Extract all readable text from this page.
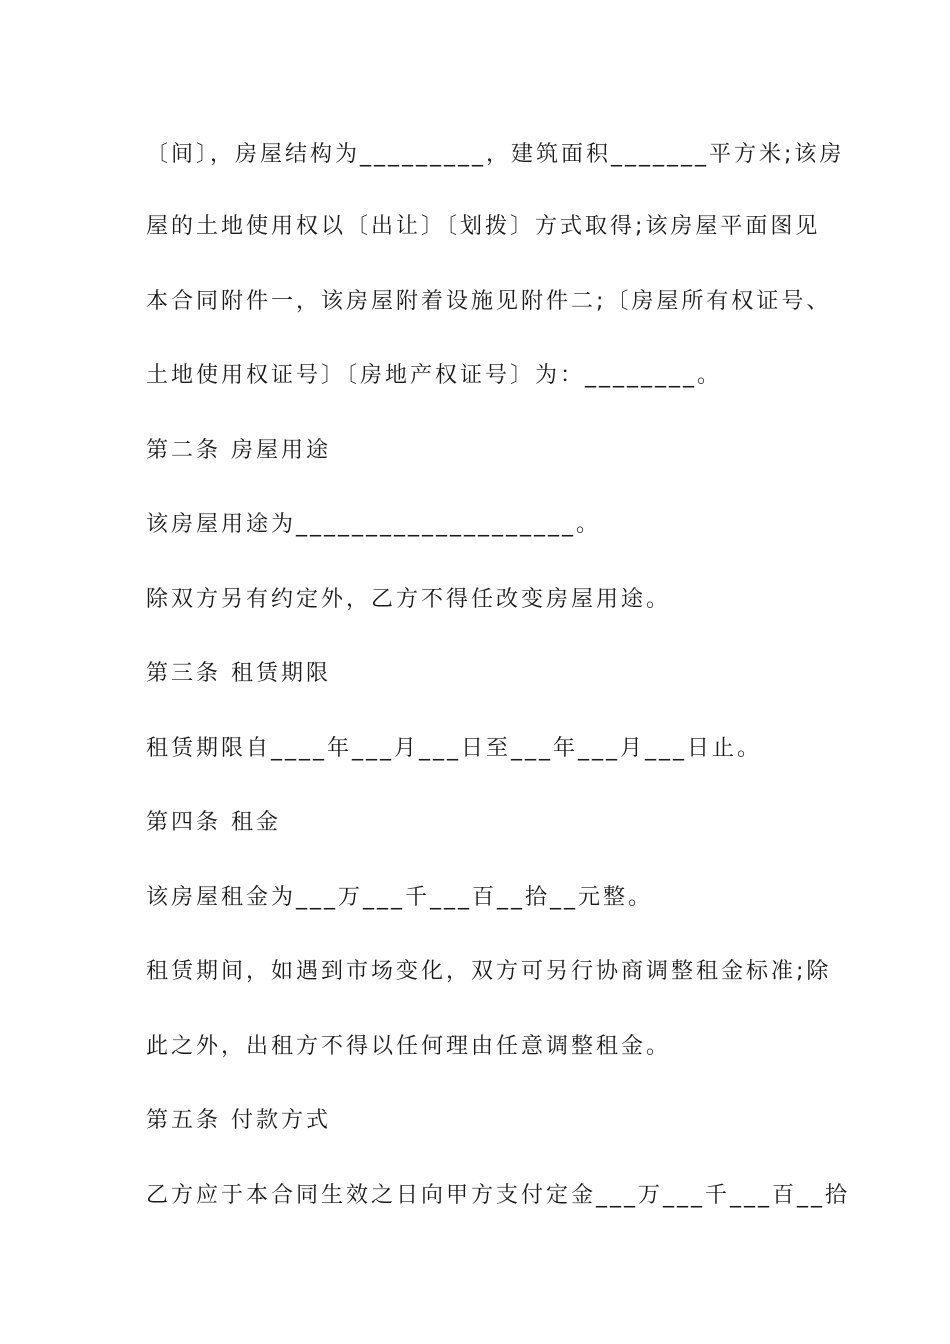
〔间〕，房屋结构为_________，建筑面积_______平方米;该房
屋的土地使用权以〔出让〕〔划拨〕方式取得;该房屋平面图见
本合同附件一，该房屋附着设施见附件二;〔房屋所有权证号、
土地使用权证号〕〔房地产权证号〕为：________。
第二条 房屋用途
该房屋用途为____________________。
除双方另有约定外，乙方不得任改变房屋用途。
第三条 租赁期限
租赁期限自____年___月___日至___年___月___日止。
第四条 租金
该房屋租金为___万___千___百__拾__元整。
租赁期间，如遇到市场变化，双方可另行协商调整租金标准;除
此之外，出租方不得以任何理由任意调整租金。
第五条 付款方式
乙方应于本合同生效之日向甲方支付定金___万___千___百__拾
